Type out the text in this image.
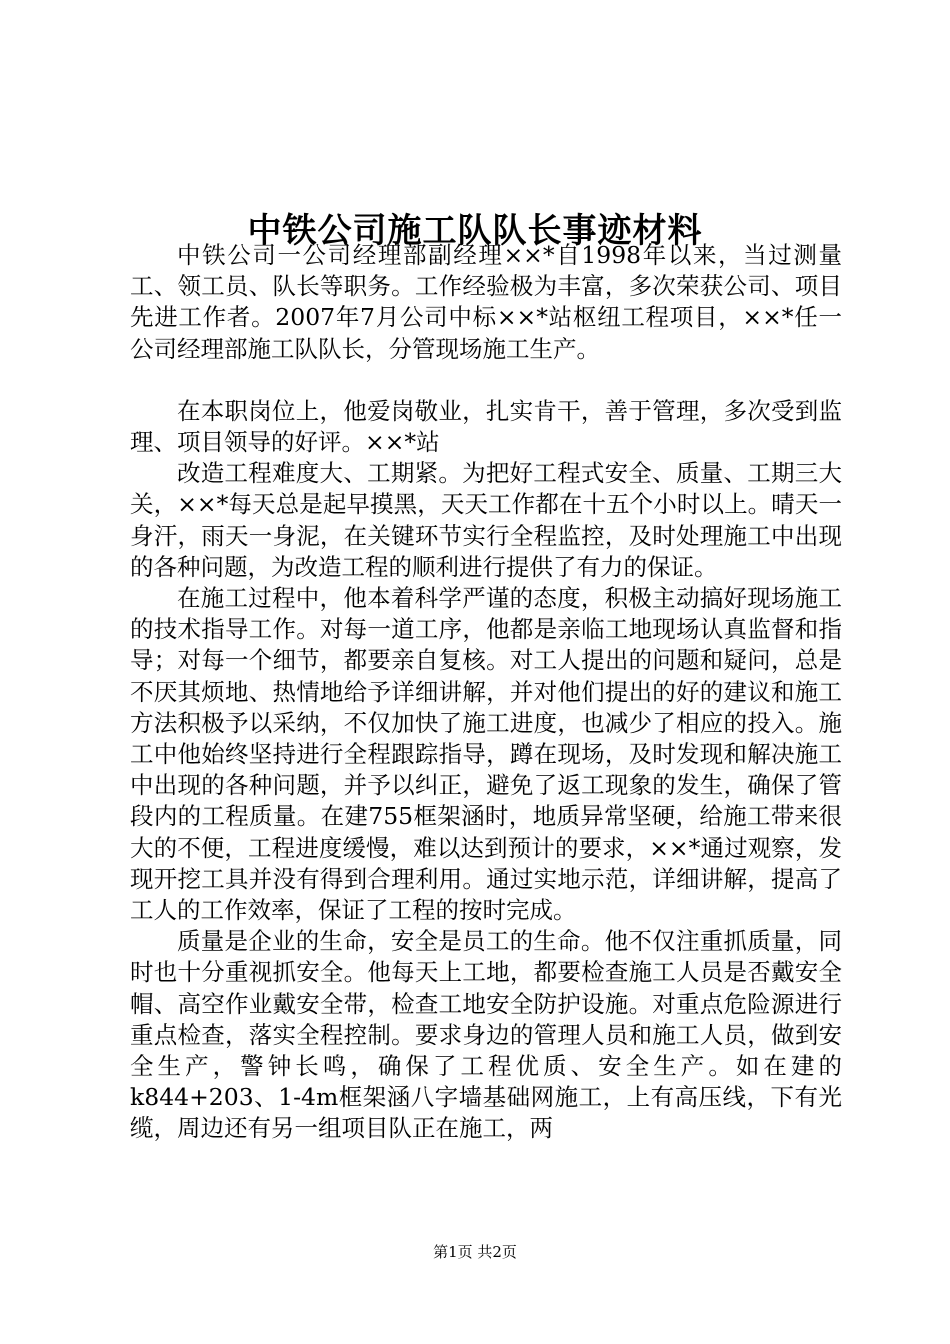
中铁公司施工队队长事迹材料

中铁公司一公司经理部副经理××*自1998年以来，当过测量工、领工员、队长等职务。工作经验极为丰富，多次荣获公司、项目先进工作者。2007年7月公司中标××*站枢纽工程项目，××*任一公司经理部施工队队长，分管现场施工生产。

在本职岗位上，他爱岗敬业，扎实肯干，善于管理，多次受到监理、项目领导的好评。××*站

改造工程难度大、工期紧。为把好工程式安全、质量、工期三大关，××*每天总是起早摸黑，天天工作都在十五个小时以上。晴天一身汗，雨天一身泥，在关键环节实行全程监控，及时处理施工中出现的各种问题，为改造工程的顺利进行提供了有力的保证。

在施工过程中，他本着科学严谨的态度，积极主动搞好现场施工的技术指导工作。对每一道工序，他都是亲临工地现场认真监督和指导；对每一个细节，都要亲自复核。对工人提出的问题和疑问，总是不厌其烦地、热情地给予详细讲解，并对他们提出的好的建议和施工方法积极予以采纳，不仅加快了施工进度，也减少了相应的投入。施工中他始终坚持进行全程跟踪指导，蹲在现场，及时发现和解决施工中出现的各种问题，并予以纠正，避免了返工现象的发生，确保了管段内的工程质量。在建755框架涵时，地质异常坚硬，给施工带来很大的不便，工程进度缓慢，难以达到预计的要求，××*通过观察，发现开挖工具并没有得到合理利用。通过实地示范，详细讲解，提高了工人的工作效率，保证了工程的按时完成。

质量是企业的生命，安全是员工的生命。他不仅注重抓质量，同时也十分重视抓安全。他每天上工地，都要检查施工人员是否戴安全帽、高空作业戴安全带，检查工地安全防护设施。对重点危险源进行重点检查，落实全程控制。要求身边的管理人员和施工人员，做到安全生产，警钟长鸣，确保了工程优质、安全生产。如在建的k844+203、1-4m框架涵八字墙基础网施工，上有高压线，下有光缆，周边还有另一组项目队正在施工，两

第1页 共2页
